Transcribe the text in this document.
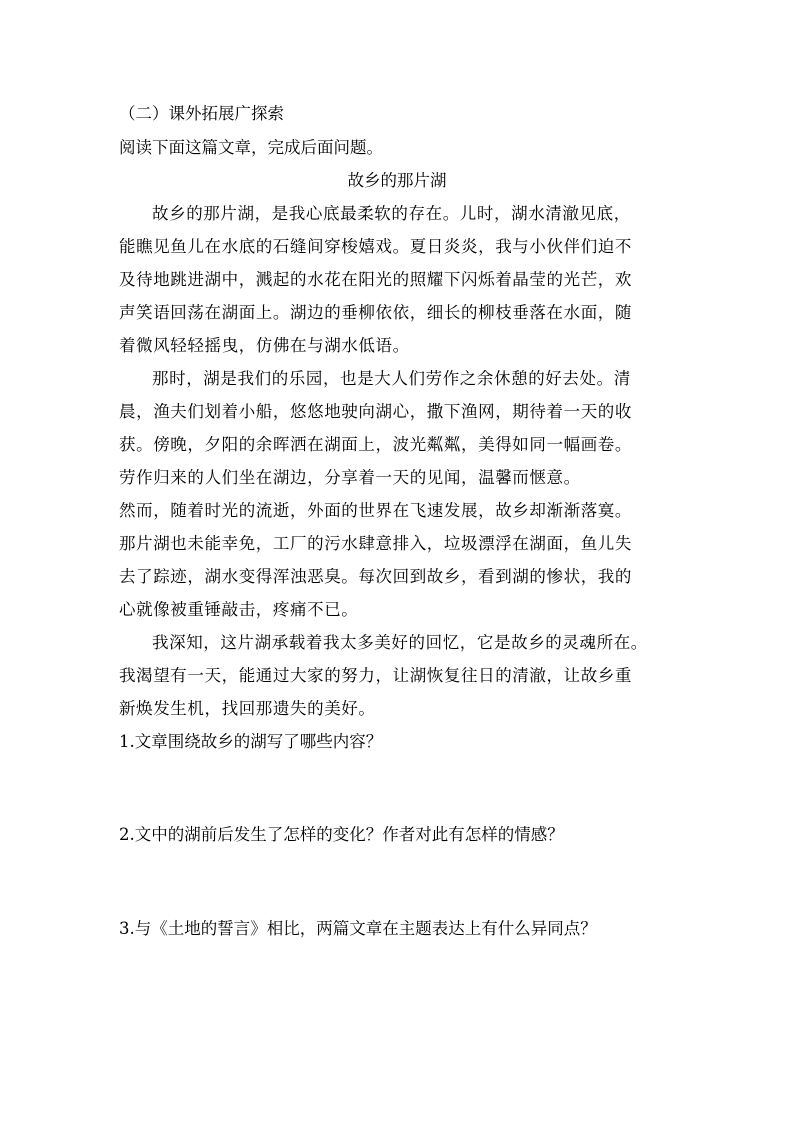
（二）课外拓展广探索
阅读下面这篇文章，完成后面问题。
故乡的那片湖
故乡的那片湖，是我心底最柔软的存在。儿时，湖水清澈见底，
能瞧见鱼儿在水底的石缝间穿梭嬉戏。夏日炎炎，我与小伙伴们迫不
及待地跳进湖中，溅起的水花在阳光的照耀下闪烁着晶莹的光芒，欢
声笑语回荡在湖面上。湖边的垂柳依依，细长的柳枝垂落在水面，随
着微风轻轻摇曳，仿佛在与湖水低语。
那时，湖是我们的乐园，也是大人们劳作之余休憩的好去处。清
晨，渔夫们划着小船，悠悠地驶向湖心，撒下渔网，期待着一天的收
获。傍晚，夕阳的余晖洒在湖面上，波光粼粼，美得如同一幅画卷。
劳作归来的人们坐在湖边，分享着一天的见闻，温馨而惬意。
然而，随着时光的流逝，外面的世界在飞速发展，故乡却渐渐落寞。
那片湖也未能幸免，工厂的污水肆意排入，垃圾漂浮在湖面，鱼儿失
去了踪迹，湖水变得浑浊恶臭。每次回到故乡，看到湖的惨状，我的
心就像被重锤敲击，疼痛不已。
我深知，这片湖承载着我太多美好的回忆，它是故乡的灵魂所在。
我渴望有一天，能通过大家的努力，让湖恢复往日的清澈，让故乡重
新焕发生机，找回那遗失的美好。
1.文章围绕故乡的湖写了哪些内容？
2.文中的湖前后发生了怎样的变化？作者对此有怎样的情感？
3.与《土地的誓言》相比，两篇文章在主题表达上有什么异同点？
